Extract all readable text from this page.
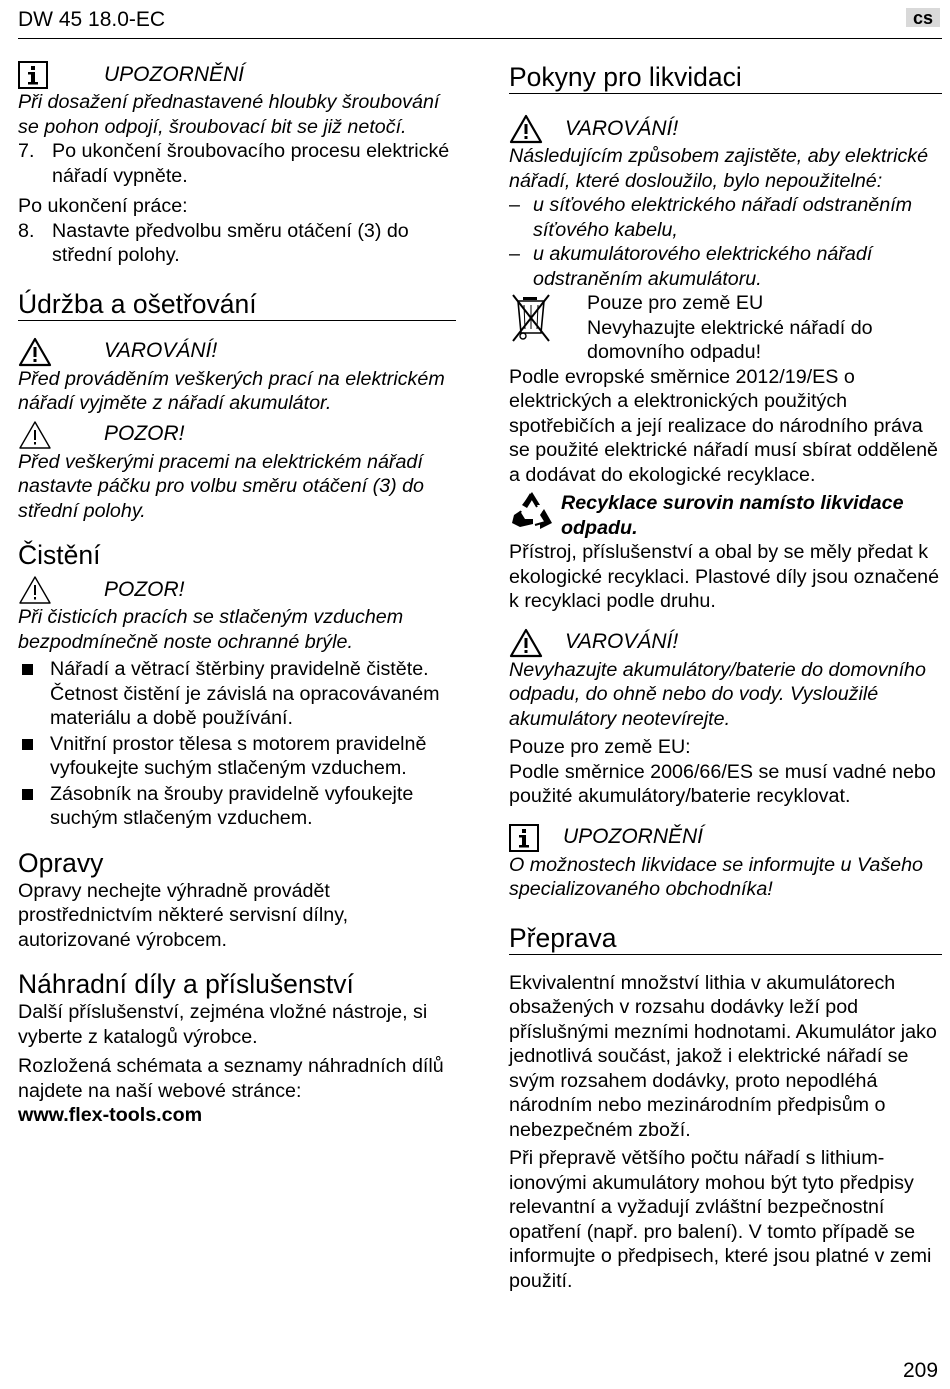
DW 45 18.0-EC	cs
UPOZORNĚNÍ

Při dosažení přednastavené hloubky šroubování se pohon odpojí, šroubovací bit se již netočí.

7. Po ukončení šroubovacího procesu elektrické nářadí vypněte.

Po ukončení práce:

8. Nastavte předvolbu směru otáčení (3) do střední polohy.
Údržba a ošetřování
VAROVÁNÍ!

Před prováděním veškerých prací na elektrickém nářadí vyjměte z nářadí akumulátor.

POZOR!

Před veškerými pracemi na elektrickém nářadí nastavte páčku pro volbu směru otáčení (3) do střední polohy.

Čistění
POZOR!

Při čisticích pracích se stlačeným vzduchem bezpodmínečně noste ochranné brýle.

Nářadí a větrací štěrbiny pravidelně čistěte. Četnost čistění je závislá na opracovávaném materiálu a době používání.
Vnitřní prostor tělesa s motorem pravidelně vyfoukejte suchým stlačeným vzduchem.
Zásobník na šrouby pravidelně vyfoukejte suchým stlačeným vzduchem.
Opravy

Opravy nechejte výhradně provádět prostřednictvím některé servisní dílny, autorizované výrobcem.

Náhradní díly a příslušenství

Další příslušenství, zejména vložné nástroje, si vyberte z katalogů výrobce.

Rozložená schémata a seznamy náhradních dílů najdete na naší webové stránce:

www.flex-tools.com
Pokyny pro likvidaci
VAROVÁNÍ!

Následujícím způsobem zajistěte, aby elektrické nářadí, které dosloužilo, bylo nepoužitelné:

– u síťového elektrického nářadí odstraněním síťového kabelu,
– u akumulátorového elektrického nářadí odstraněním akumulátoru.

Pouze pro země EU

Nevyhazujte elektrické nářadí do domovního odpadu!

Podle evropské směrnice 2012/19/ES o elektrických a elektronických použitých spotřebičích a její realizace do národního práva se použité elektrické nářadí musí sbírat odděleně a dodávat do ekologické recyklace.

Recyklace surovin namísto likvidace odpadu.

Přístroj, příslušenství a obal by se měly předat k ekologické recyklaci. Plastové díly jsou označené k recyklaci podle druhu.

VAROVÁNÍ!

Nevyhazujte akumulátory/baterie do domovního odpadu, do ohně nebo do vody. Vysloužilé akumulátory neotevírejte.

Pouze pro země EU:

Podle směrnice 2006/66/ES se musí vadné nebo použité akumulátory/baterie recyklovat.

UPOZORNĚNÍ

O možnostech likvidace se informujte u Vašeho specializovaného obchodníka!

Přeprava

Ekvivalentní množství lithia v akumulátorech obsažených v rozsahu dodávky leží pod příslušnými mezními hodnotami. Akumulátor jako jednotlivá součást, jakož i elektrické nářadí se svým rozsahem dodávky, proto nepodléhá národním nebo mezinárodním předpisům o nebezpečném zboží.

Při přepravě většího počtu nářadí s lithium-ionovými akumulátory mohou být tyto předpisy relevantní a vyžadují zvláštní bezpečnostní opatření (např. pro balení). V tomto případě se informujte o předpisech, které jsou platné v zemi použití.

209
